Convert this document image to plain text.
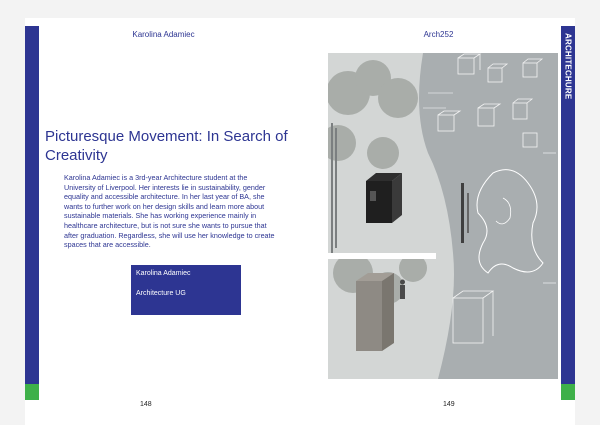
Karolina Adamiec	Arch252	ARCHITECHURE
Picturesque Movement: In Search of Creativity
Karolina Adamiec is a 3rd-year Architecture student at the University of Liverpool. Her interests lie in sustainability, gender equality and accessible architecture. In her last year of BA, she wants to further work on her design skills and learn more about sustainable materials. She has working experience mainly in healthcare architecture, but is not sure she wants to pursue that after graduation. Regardless, she will use her knowledge to create spaces that are accessible.
Karolina Adamiec
Architecture UG
148	149
